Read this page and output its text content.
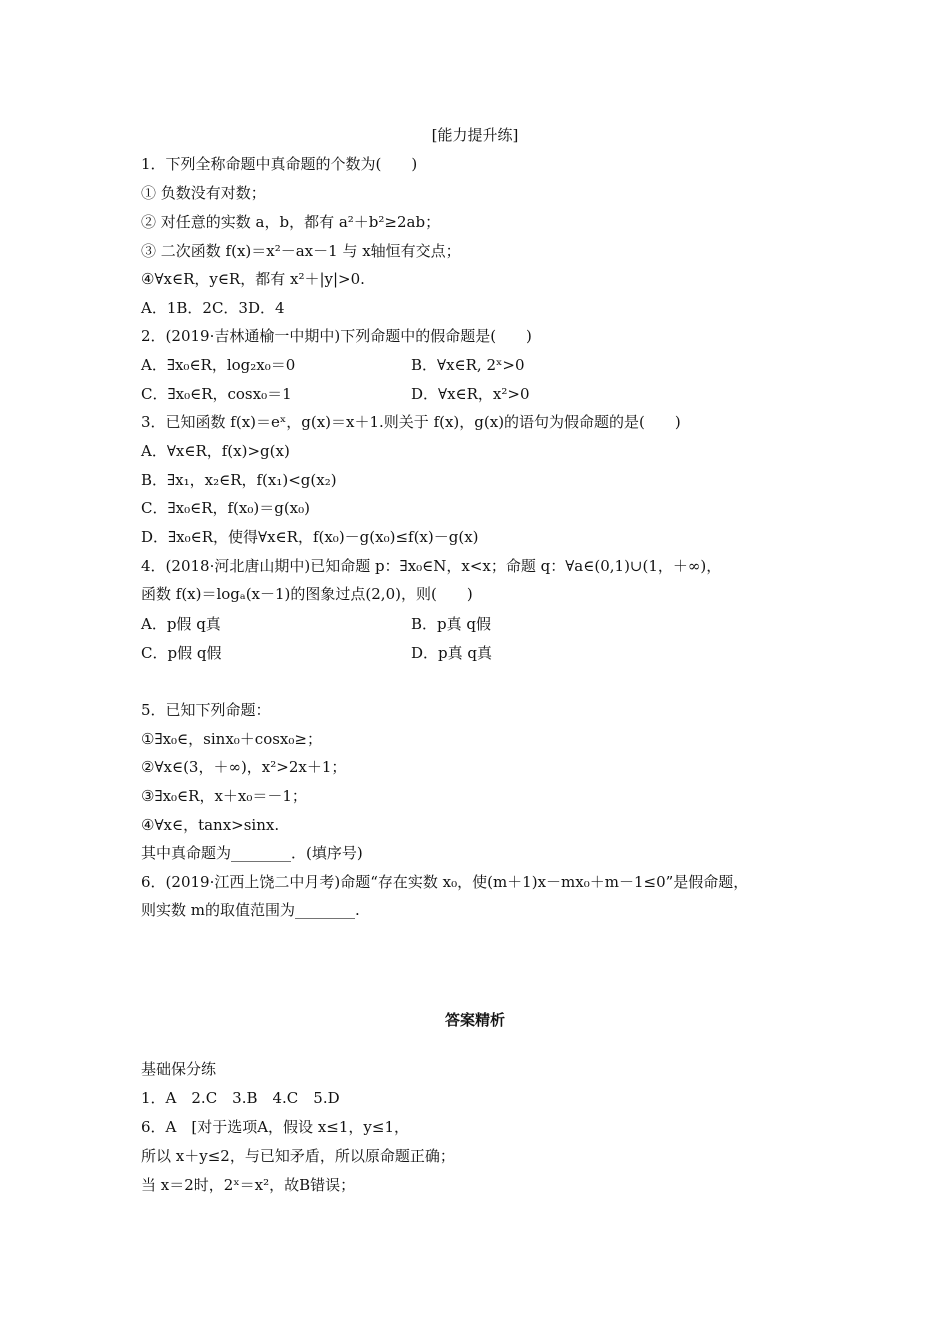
[能力提升练]
1．下列全称命题中真命题的个数为(　　)
① 负数没有对数；
② 对任意的实数 a，b，都有 a²＋b²≥2ab；
③ 二次函数 f(x)＝x²－ax－1 与 x轴恒有交点；
④∀x∈R，y∈R，都有 x²＋|y|>0.
A．1B．2C．3D．4
2．(2019·吉林通榆一中期中)下列命题中的假命题是(　　)
A．∃x₀∈R，log₂x₀＝0	B．∀x∈R, 2ˣ>0
C．∃x₀∈R，cosx₀＝1	D．∀x∈R，x²>0
3．已知函数 f(x)＝eˣ，g(x)＝x＋1.则关于 f(x)，g(x)的语句为假命题的是(　　)
A．∀x∈R，f(x)>g(x)
B．∃x₁，x₂∈R，f(x₁)<g(x₂)
C．∃x₀∈R，f(x₀)＝g(x₀)
D．∃x₀∈R，使得∀x∈R，f(x₀)－g(x₀)≤f(x)－g(x)
4．(2018·河北唐山期中)已知命题 p：∃x₀∈N，x<x；命题 q：∀a∈(0,1)∪(1，＋∞)，
函数 f(x)＝logₐ(x－1)的图象过点(2,0)，则(　　)
A．p假 q真	B．p真 q假
C．p假 q假	D．p真 q真
5．已知下列命题：
①∃x₀∈，sinx₀＋cosx₀≥；
②∀x∈(3，＋∞)，x²>2x＋1；
③∃x₀∈R，x＋x₀＝－1；
④∀x∈，tanx>sinx.
其中真命题为________．(填序号)
6．(2019·江西上饶二中月考)命题“存在实数 x₀，使(m＋1)x－mx₀＋m－1≤0”是假命题，
则实数 m的取值范围为________.
答案精析
基础保分练
1．A　2.C　3.B　4.C　5.D
6．A　[对于选项A，假设 x≤1，y≤1，
所以 x＋y≤2，与已知矛盾，所以原命题正确；
当 x＝2时，2ˣ＝x²，故B错误；
